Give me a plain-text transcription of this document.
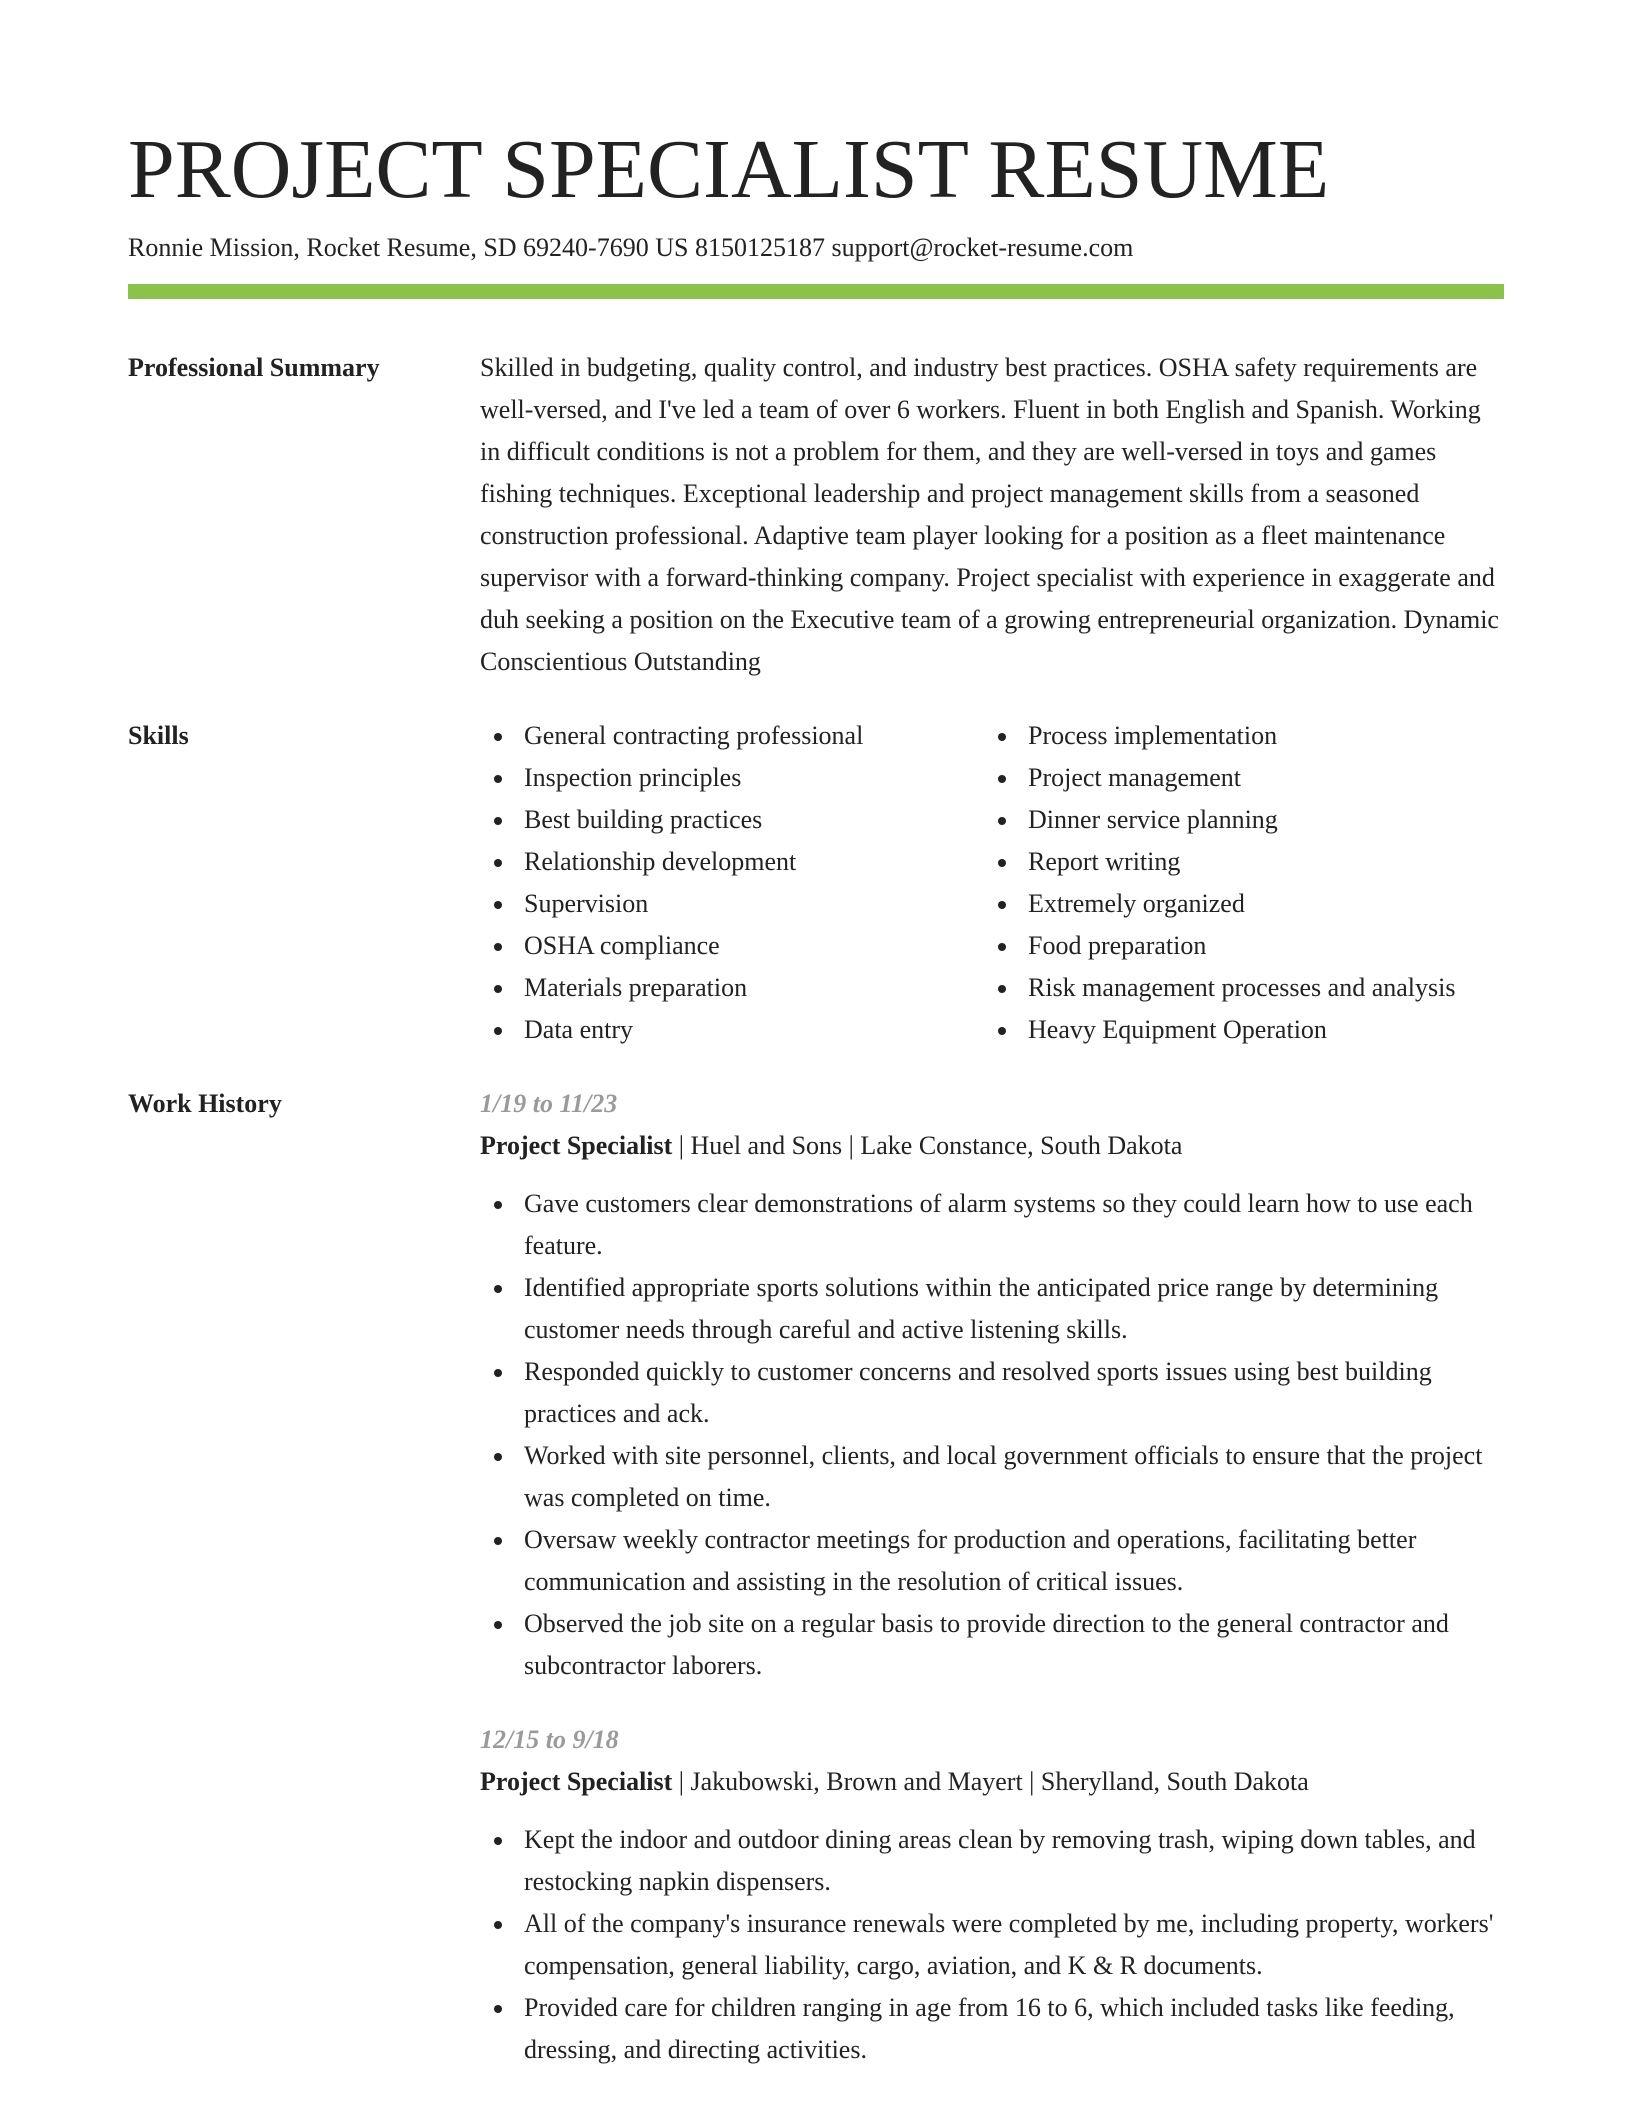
PROJECT SPECIALIST RESUME
Ronnie Mission, Rocket Resume, SD 69240-7690 US 8150125187 support@rocket-resume.com
Professional Summary	Skilled in budgeting, quality control, and industry best practices. OSHA safety requirements are well-versed, and I've led a team of over 6 workers. Fluent in both English and Spanish. Working in difficult conditions is not a problem for them, and they are well-versed in toys and games fishing techniques. Exceptional leadership and project management skills from a seasoned construction professional. Adaptive team player looking for a position as a fleet maintenance supervisor with a forward-thinking company. Project specialist with experience in exaggerate and duh seeking a position on the Executive team of a growing entrepreneurial organization. Dynamic Conscientious Outstanding
Skills	General contracting professional
Inspection principles
Best building practices
Relationship development
Supervision
OSHA compliance
Materials preparation
Data entry
Process implementation
Project management
Dinner service planning
Report writing
Extremely organized
Food preparation
Risk management processes and analysis
Heavy Equipment Operation
Work History	1/19 to 11/23
Project Specialist | Huel and Sons | Lake Constance, South Dakota
Gave customers clear demonstrations of alarm systems so they could learn how to use each feature.
Identified appropriate sports solutions within the anticipated price range by determining customer needs through careful and active listening skills.
Responded quickly to customer concerns and resolved sports issues using best building practices and ack.
Worked with site personnel, clients, and local government officials to ensure that the project was completed on time.
Oversaw weekly contractor meetings for production and operations, facilitating better communication and assisting in the resolution of critical issues.
Observed the job site on a regular basis to provide direction to the general contractor and subcontractor laborers.
12/15 to 9/18
Project Specialist | Jakubowski, Brown and Mayert | Sherylland, South Dakota
Kept the indoor and outdoor dining areas clean by removing trash, wiping down tables, and restocking napkin dispensers.
All of the company's insurance renewals were completed by me, including property, workers' compensation, general liability, cargo, aviation, and K & R documents.
Provided care for children ranging in age from 16 to 6, which included tasks like feeding, dressing, and directing activities.
